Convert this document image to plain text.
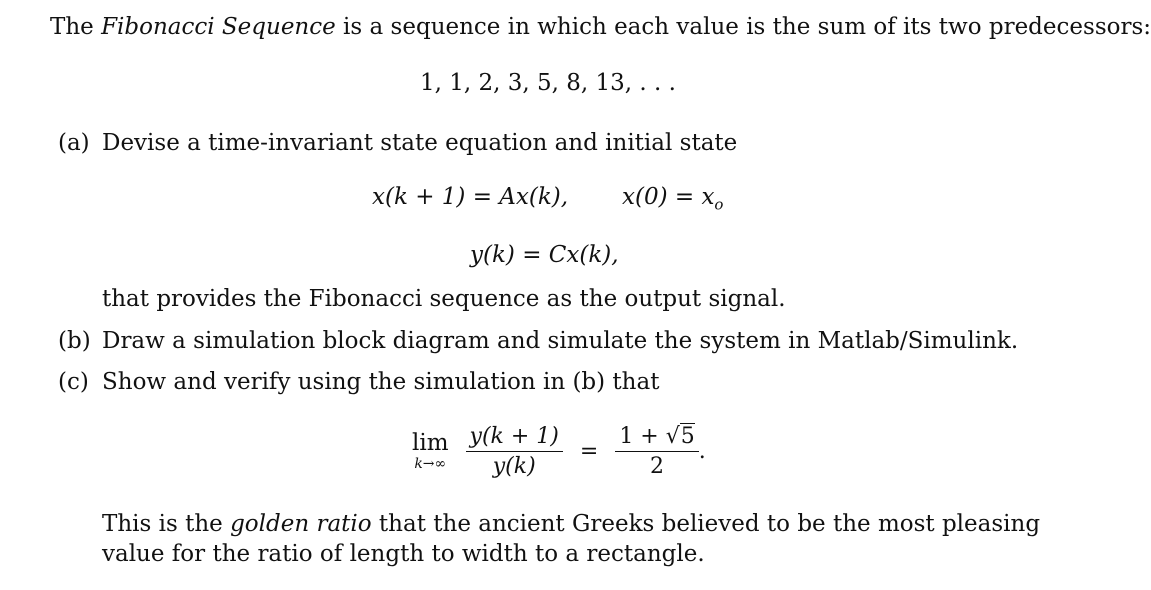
The Fibonacci Sequence is a sequence in which each value is the sum of its two predecessors:
1, 1, 2, 3, 5, 8, 13, . . .
(a) Devise a time-invariant state equation and initial state
x(k + 1) = Ax(k), $x(0) = x_o$
y(k) = Cx(k),
that provides the Fibonacci sequence as the output signal.
(b) Draw a simulation block diagram and simulate the system in Matlab/Simulink.
(c) Show and verify using the simulation in (b) that
lim
k→∞
$\frac{y(k + 1)}{y(k)} = \frac{1 + √5}{2}$ .
This is the golden ratio that the ancient Greeks believed to be the most pleasing
value for the ratio of length to width to a rectangle.
